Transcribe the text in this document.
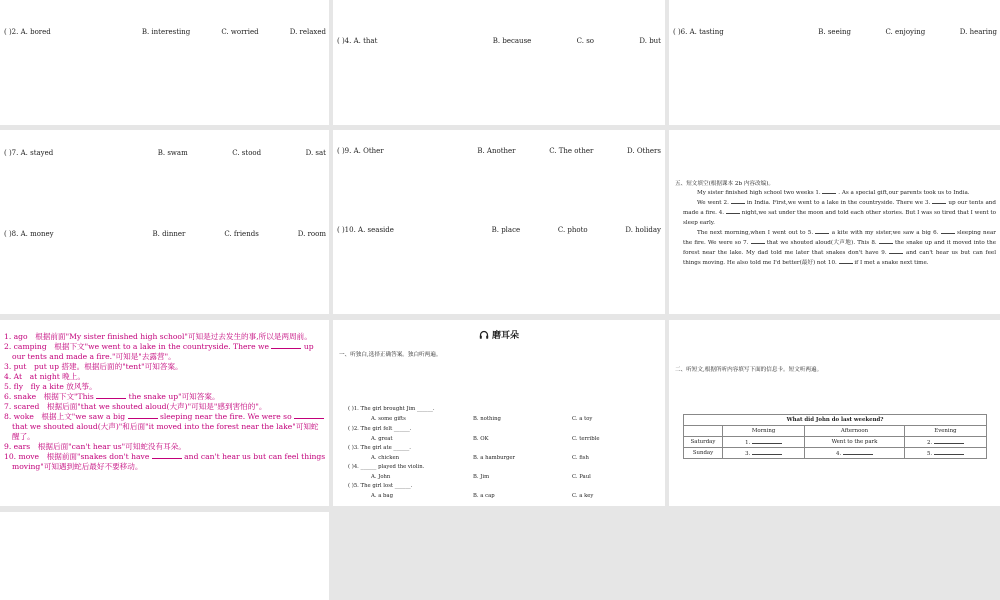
( )2. A. bored	B. interesting	C. worried	D. relaxed
( )4. A. that	B. because	C. so	D. but
( )6. A. tasting	B. seeing	C. enjoying	D. hearing
( )7. A. stayed	B. swam	C. stood	D. sat
( )8. A. money	B. dinner	C. friends	D. room
( )9. A. Other	B. Another	C. The other	D. Others
( )10. A. seaside	B. place	C. photo	D. holiday
五、短文填空(根据课本 2b 内容改编)。
My sister finished high school two weeks 1.	. As a special gift,our parents took us to India.
We went 2.	in India. First,we went to a lake in the countryside. There we 3.	up our tents and made a fire. 4.	night,we sat under the moon and told each other stories. But I was so tired that I went to sleep early.
The next morning,when I went out to 5.	a kite with my sister,we saw a big 6.	sleeping near the fire. We were so 7.	that we shouted aloud(大声地). This 8.	the snake up and it moved into the forest near the lake. My dad told me later that snakes don't have 9.	and can't hear us but can feel things moving. He also told me I'd better(最好) not 10.	if I met a snake next time.

1. ago　根据前面"My sister finished high school"可知是过去发生的事,所以是两周前。

2. camping　根据下文"we went to a lake in the countryside. There we	up our tents and made a fire."可知是"去露营"。

3. put　put up 搭建。根据后面的"tent"可知答案。

4. At　at night 晚上。

5. fly　fly a kite 放风筝。

6. snake　根据下文"This	the snake up"可知答案。

7. scared　根据后面"that we shouted aloud(大声)"可知是"感到害怕的"。

8. woke　根据上文"we saw a big	sleeping near the fire. We were so  that we shouted aloud(大声)"和后面"it moved into the forest near the lake"可知蛇醒了。

9. ears　根据后面"can't hear us"可知蛇没有耳朵。

10. move　根据前面"snakes don't have	and can't hear us but can feel things moving"可知遇到蛇后最好不要移动。

磨耳朵
一、听独白,选择正确答案。独白听两遍。
( )1. The girl brought Jim ______.
A. some gifts	B. nothing	C. a toy
( )2. The girl felt ______.
A. great	B. OK	C. terrible
( )3. The girl ate ______.
A. chicken	B. a hamburger	C. fish
( )4. ______ played the violin.
A. John	B. Jim	C. Paul
( )5. The girl lost ______.
A. a bag	B. a cap	C. a key
二、听短文,根据所听内容填写下面的信息卡。短文听两遍。
What did John do last weekend?			
	Morning	Afternoon	Evening
Saturday	1.	Went to the park	2.
Sunday	3.	4.	5.
